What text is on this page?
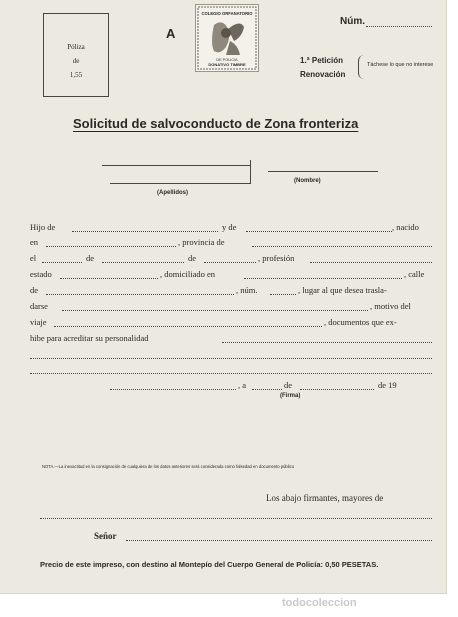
Póliza
de
1,55
A
COLEGIO ORFANATORIO
DE POLICIA
DONATIVO TIMBRE
Núm.
1.ª Petición
Renovación
Táchese lo que no interese
Solicitud de salvoconducto de Zona fronteriza
(Nombre)
(Apellidos)
Hijo de	y de	, nacido
en	, provincia de
el	de	de	, profesión
estado	, domiciliado en	, calle
de	, núm.	, lugar al que desea trasla-
darse	, motivo del
viaje	, documentos que ex-
hibe para acreditar su personalidad
, a	de	de 19
(Firma)
NOTA.—La inexactitud en la consignación de cualquiera de los datos anteriores será considerada como falsedad en documento público
Los abajo firmantes, mayores de
Señor
Precio de este impreso, con destino al Montepío del Cuerpo General de Policía: 0,50 PESETAS.
todocoleccion
